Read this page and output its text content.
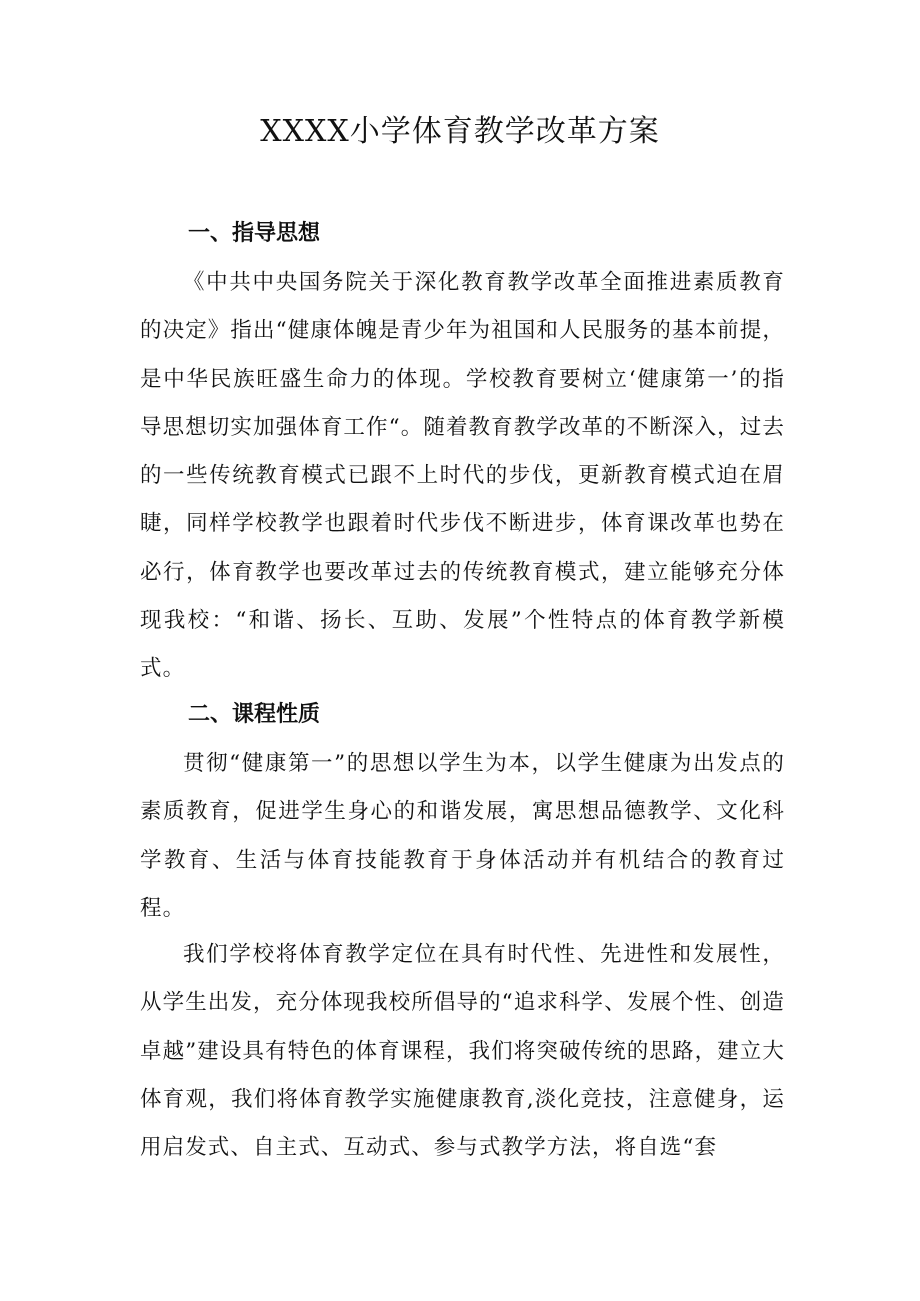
XXXX小学体育教学改革方案
一、指导思想

《中共中央国务院关于深化教育教学改革全面推进素质教育的决定》指出“健康体魄是青少年为祖国和人民服务的基本前提，是中华民族旺盛生命力的体现。学校教育要树立‘健康第一’的指导思想切实加强体育工作“。随着教育教学改革的不断深入，过去的一些传统教育模式已跟不上时代的步伐，更新教育模式迫在眉睫，同样学校教学也跟着时代步伐不断进步，体育课改革也势在必行，体育教学也要改革过去的传统教育模式，建立能够充分体现我校：“和谐、扬长、互助、发展”个性特点的体育教学新模式。

二、课程性质

贯彻“健康第一”的思想以学生为本，以学生健康为出发点的素质教育，促进学生身心的和谐发展，寓思想品德教学、文化科学教育、生活与体育技能教育于身体活动并有机结合的教育过程。

我们学校将体育教学定位在具有时代性、先进性和发展性，从学生出发，充分体现我校所倡导的“追求科学、发展个性、创造卓越”建设具有特色的体育课程，我们将突破传统的思路，建立大体育观，我们将体育教学实施健康教育,淡化竞技，注意健身，运用启发式、自主式、互动式、参与式教学方法，将自选“套
